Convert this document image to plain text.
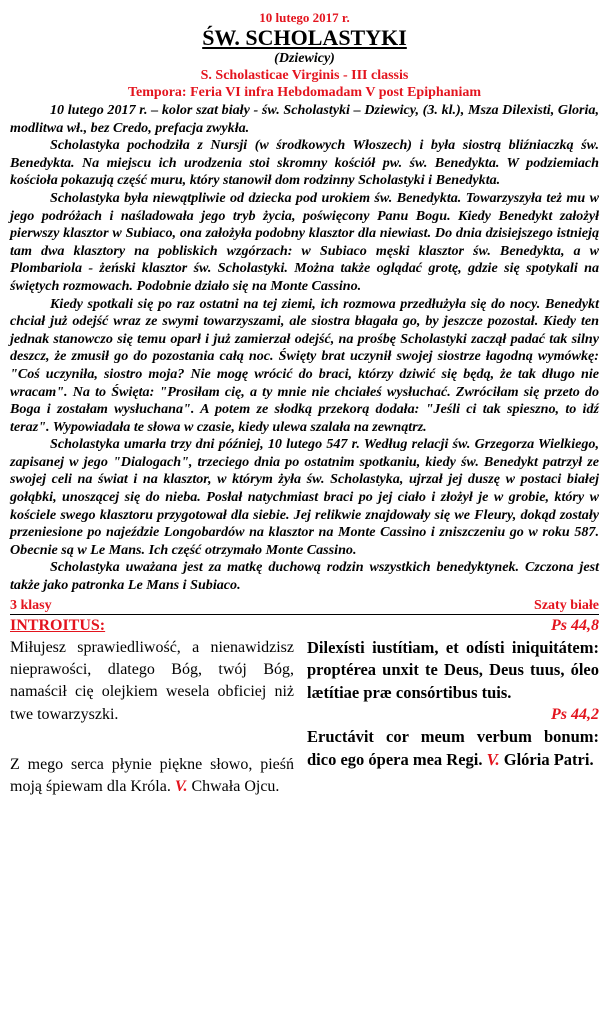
10 lutego 2017 r.
ŚW. SCHOLASTYKI
(Dziewicy)
S. Scholasticae Virginis - III classis
Tempora: Feria VI infra Hebdomadam V post Epiphaniam

10 lutego 2017 r. – kolor szat biały - św. Scholastyki – Dziewicy, (3. kl.), Msza Dilexisti, Gloria, modlitwa wł., bez Credo, prefacja zwykła.

Scholastyka pochodziła z Nursji (w środkowych Włoszech) i była siostrą bliźniaczką św. Benedykta. Na miejscu ich urodzenia stoi skromny kościół pw. św. Benedykta. W podziemiach kościoła pokazują część muru, który stanowił dom rodzinny Scholastyki i Benedykta.

Scholastyka była niewątpliwie od dziecka pod urokiem św. Benedykta. Towarzyszyła też mu w jego podróżach i naśladowała jego tryb życia, poświęcony Panu Bogu. Kiedy Benedykt założył pierwszy klasztor w Subiaco, ona założyła podobny klasztor dla niewiast. Do dnia dzisiejszego istnieją tam dwa klasztory na pobliskich wzgórzach: w Subiaco męski klasztor św. Benedykta, a w Plombariola - żeński klasztor św. Scholastyki. Można także oglądać grotę, gdzie się spotykali na świętych rozmowach. Podobnie działo się na Monte Cassino.

Kiedy spotkali się po raz ostatni na tej ziemi, ich rozmowa przedłużyła się do nocy. Benedykt chciał już odejść wraz ze swymi towarzyszami, ale siostra błagała go, by jeszcze pozostał. Kiedy ten jednak stanowczo się temu oparł i już zamierzał odejść, na prośbę Scholastyki zaczął padać tak silny deszcz, że zmusił go do pozostania całą noc. Święty brat uczynił swojej siostrze łagodną wymówkę: "Coś uczyniła, siostro moja? Nie mogę wrócić do braci, którzy dziwić się będą, że tak długo nie wracam". Na to Święta: "Prosiłam cię, a ty mnie nie chciałeś wysłuchać. Zwróciłam się przeto do Boga i zostałam wysłuchana". A potem ze słodką przekorą dodała: "Jeśli ci tak spieszno, to idź teraz". Wypowiadała te słowa w czasie, kiedy ulewa szalała na zewnątrz.

Scholastyka umarła trzy dni później, 10 lutego 547 r. Według relacji św. Grzegorza Wielkiego, zapisanej w jego "Dialogach", trzeciego dnia po ostatnim spotkaniu, kiedy św. Benedykt patrzył ze swojej celi na świat i na klasztor, w którym żyła św. Scholastyka, ujrzał jej duszę w postaci białej gołąbki, unoszącej się do nieba. Posłał natychmiast braci po jej ciało i złożył je w grobie, który w kościele swego klasztoru przygotował dla siebie. Jej relikwie znajdowały się we Fleury, dokąd zostały przeniesione po najeździe Longobardów na klasztor na Monte Cassino i zniszczeniu go w roku 587. Obecnie są w Le Mans. Ich część otrzymało Monte Cassino.

Scholastyka uważana jest za matkę duchową rodzin wszystkich benedyktynek. Czczona jest także jako patronka Le Mans i Subiaco.

3 klasy	Szaty białe
INTROITUS:	Ps 44,8

Miłujesz sprawiedliwość, a nienawidzisz nieprawości, dlatego Bóg, twój Bóg, namaścił cię olejkiem wesela obficiej niż twe towarzyszki.

Z mego serca płynie piękne słowo, pieśń moją śpiewam dla Króla. V. Chwała Ojcu.

Dilexísti iustítiam, et odísti iniquitátem: proptérea unxit te Deus, Deus tuus, óleo lætítiae præ consórtibus tuis.

Ps 44,2

Eructávit cor meum verbum bonum: dico ego ópera mea Regi. V. Glória Patri.
